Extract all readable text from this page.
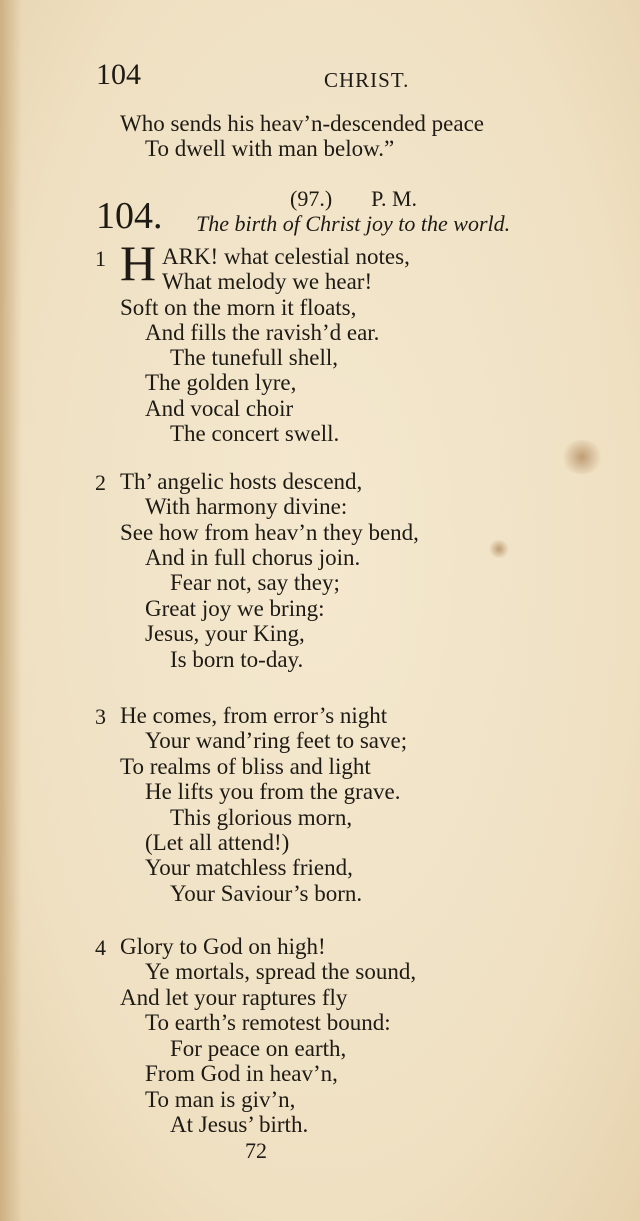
104	CHRIST.
Who sends his heav’n-descended peace
To dwell with man below.”
104.	(97.) P. M.
The birth of Christ joy to the world.
1 H ARK! what celestial notes,
What melody we hear!
Soft on the morn it floats,
And fills the ravish’d ear.
The tunefull shell,
The golden lyre,
And vocal choir
The concert swell.
2 Th’ angelic hosts descend,
With harmony divine:
See how from heav’n they bend,
And in full chorus join.
Fear not, say they;
Great joy we bring:
Jesus, your King,
Is born to-day.
3 He comes, from error’s night
Your wand’ring feet to save;
To realms of bliss and light
He lifts you from the grave.
This glorious morn,
(Let all attend!)
Your matchless friend,
Your Saviour’s born.
4 Glory to God on high!
Ye mortals, spread the sound,
And let your raptures fly
To earth’s remotest bound:
For peace on earth,
From God in heav’n,
To man is giv’n,
At Jesus’ birth.
72
